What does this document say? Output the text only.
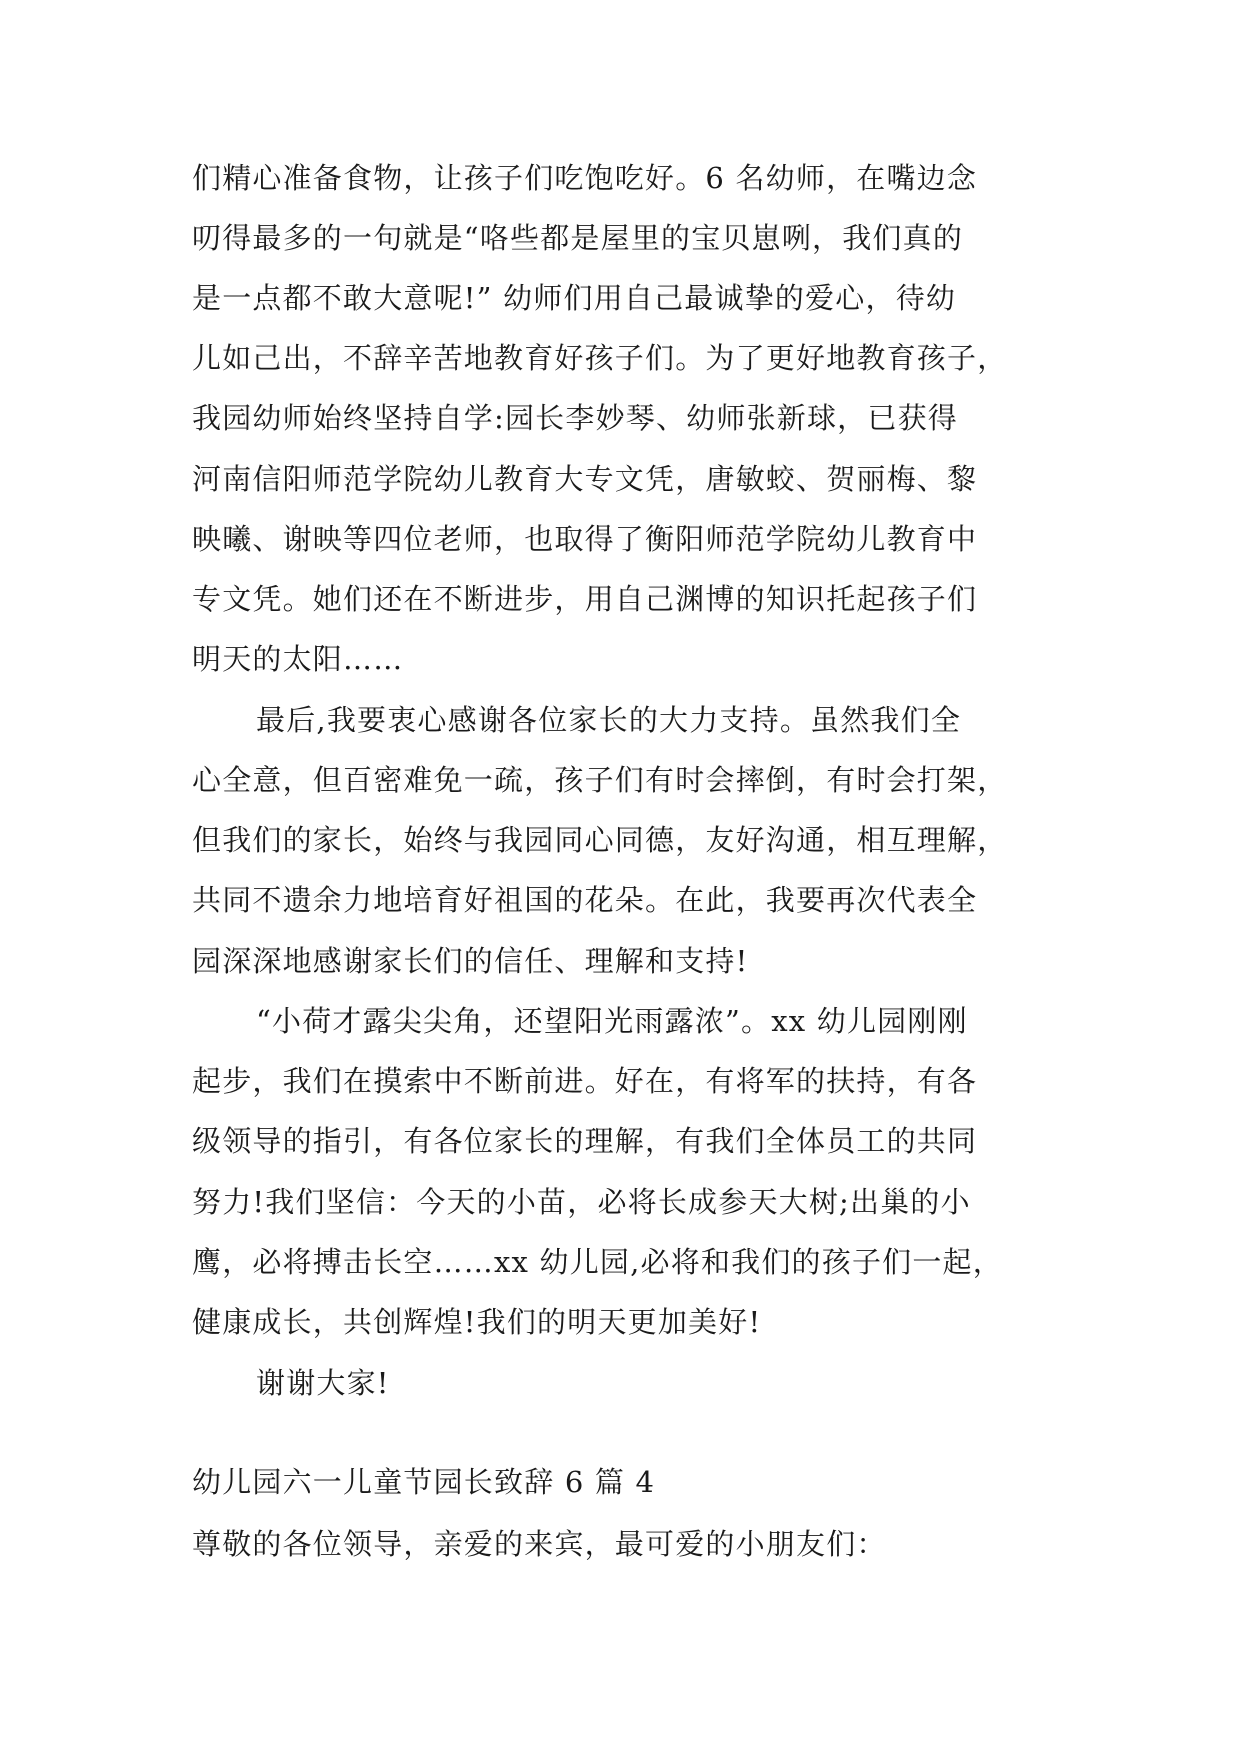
们精心准备食物，让孩子们吃饱吃好。6 名幼师，在嘴边念
叨得最多的一句就是“咯些都是屋里的宝贝崽咧，我们真的
是一点都不敢大意呢!” 幼师们用自己最诚挚的爱心，待幼
儿如己出，不辞辛苦地教育好孩子们。为了更好地教育孩子，
我园幼师始终坚持自学:园长李妙琴、幼师张新球，已获得
河南信阳师范学院幼儿教育大专文凭，唐敏蛟、贺丽梅、黎
映曦、谢映等四位老师，也取得了衡阳师范学院幼儿教育中
专文凭。她们还在不断进步，用自己渊博的知识托起孩子们
明天的太阳……
最后,我要衷心感谢各位家长的大力支持。虽然我们全
心全意，但百密难免一疏，孩子们有时会摔倒，有时会打架，
但我们的家长，始终与我园同心同德，友好沟通，相互理解，
共同不遗余力地培育好祖国的花朵。在此，我要再次代表全
园深深地感谢家长们的信任、理解和支持!
“小荷才露尖尖角，还望阳光雨露浓”。xx 幼儿园刚刚
起步，我们在摸索中不断前进。好在，有将军的扶持，有各
级领导的指引，有各位家长的理解，有我们全体员工的共同
努力!我们坚信：今天的小苗，必将长成参天大树;出巢的小
鹰，必将搏击长空……xx 幼儿园,必将和我们的孩子们一起，
健康成长，共创辉煌!我们的明天更加美好!
谢谢大家!
幼儿园六一儿童节园长致辞 6 篇 4
尊敬的各位领导，亲爱的来宾，最可爱的小朋友们：
